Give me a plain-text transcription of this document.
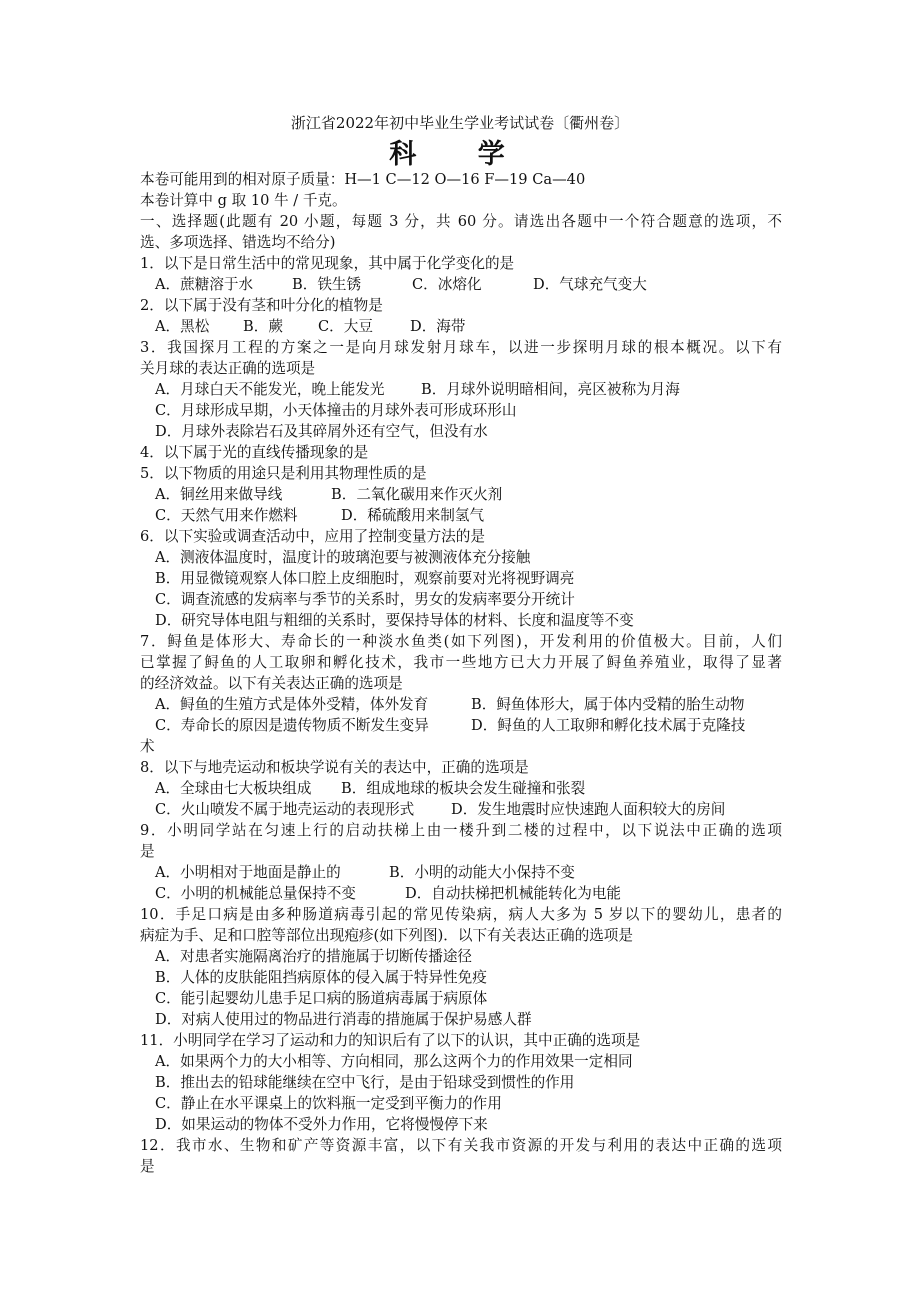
浙江省2022年初中毕业生学业考试试卷〔衢州卷〕
科 学
本卷可能用到的相对原子质量：H—1 C—12 O—16 F—19 Ca—40
本卷计算中 g 取 10 牛 / 千克。
一、选择题(此题有 20 小题，每题 3 分，共 60 分。请选出各题中一个符合题意的选项，不
选、多项选择、错选均不给分)
1．以下是日常生活中的常见现象，其中属于化学变化的是
A．蔗糖溶于水	B．铁生锈	C．冰熔化	D．气球充气变大
2．以下属于没有茎和叶分化的植物是
A．黑松 B．蕨 C．大豆	D．海带
3．我国探月工程的方案之一是向月球发射月球车，以进一步探明月球的根本概况。以下有
关月球的表达正确的选项是
A．月球白天不能发光，晚上能发光	B．月球外说明暗相间，亮区被称为月海
C．月球形成早期，小天体撞击的月球外表可形成环形山
D．月球外表除岩石及其碎屑外还有空气，但没有水
4．以下属于光的直线传播现象的是
5．以下物质的用途只是利用其物理性质的是
A．铜丝用来做导线	B．二氧化碳用来作灭火剂
C．天然气用来作燃料	D．稀硫酸用来制氢气
6．以下实验或调查活动中，应用了控制变量方法的是
A．测液体温度时，温度计的玻璃泡要与被测液体充分接触
B．用显微镜观察人体口腔上皮细胞时，观察前要对光将视野调亮
C．调查流感的发病率与季节的关系时，男女的发病率要分开统计
D．研究导体电阻与粗细的关系时，要保持导体的材料、长度和温度等不变
7．鲟鱼是体形大、寿命长的一种淡水鱼类(如下列图)，开发利用的价值极大。目前，人们
已掌握了鲟鱼的人工取卵和孵化技术，我市一些地方已大力开展了鲟鱼养殖业，取得了显著
的经济效益。以下有关表达正确的选项是
A．鲟鱼的生殖方式是体外受精，体外发育	B．鲟鱼体形大，属于体内受精的胎生动物
C．寿命长的原因是遗传物质不断发生变异	D．鲟鱼的人工取卵和孵化技术属于克隆技
术
8．以下与地壳运动和板块学说有关的表达中，正确的选项是
A．全球由七大板块组成 B．组成地球的板块会发生碰撞和张裂
C．火山喷发不属于地壳运动的表现形式	D．发生地震时应快速跑人面积较大的房间
9．小明同学站在匀速上行的启动扶梯上由一楼升到二楼的过程中，以下说法中正确的选项
是
A．小明相对于地面是静止的	B．小明的动能大小保持不变
C．小明的机械能总量保持不变	D．自动扶梯把机械能转化为电能
10．手足口病是由多种肠道病毒引起的常见传染病，病人大多为 5 岁以下的婴幼儿，患者的
病症为手、足和口腔等部位出现疱疹(如下列图)．以下有关表达正确的选项是
A．对患者实施隔离治疗的措施属于切断传播途径
B．人体的皮肤能阻挡病原体的侵入属于特异性免疫
C．能引起婴幼儿患手足口病的肠道病毒属于病原体
D．对病人使用过的物品进行消毒的措施属于保护易感人群
11．小明同学在学习了运动和力的知识后有了以下的认识，其中正确的选项是
A．如果两个力的大小相等、方向相同，那么这两个力的作用效果一定相同
B．推出去的铅球能继续在空中飞行，是由于铅球受到惯性的作用
C．静止在水平课桌上的饮料瓶一定受到平衡力的作用
D．如果运动的物体不受外力作用，它将慢慢停下来
12．我市水、生物和矿产等资源丰富，以下有关我市资源的开发与利用的表达中正确的选项
是
